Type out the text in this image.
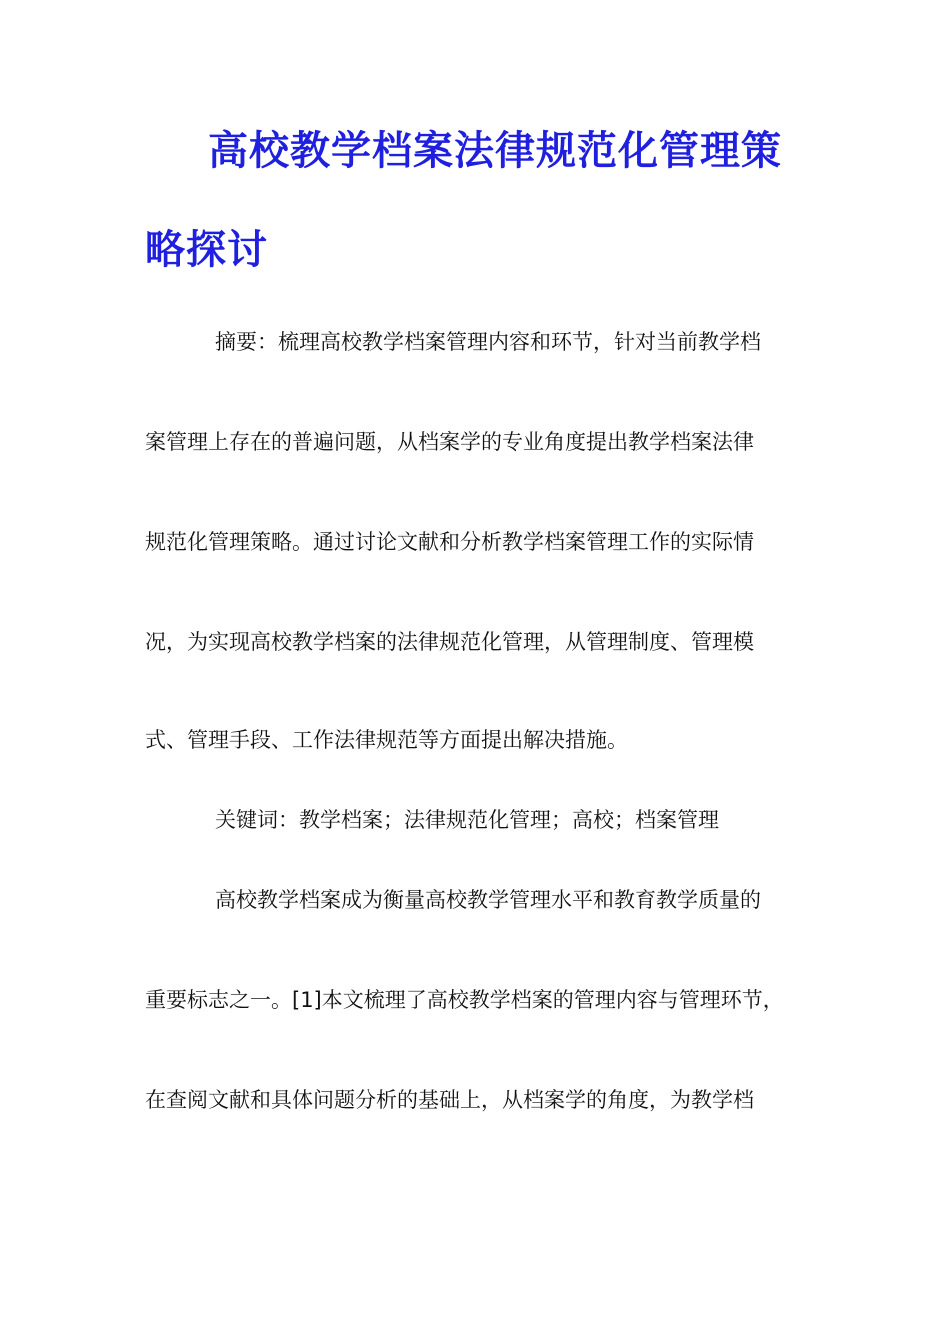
高校教学档案法律规范化管理策
略探讨
摘要：梳理高校教学档案管理内容和环节，针对当前教学档
案管理上存在的普遍问题，从档案学的专业角度提出教学档案法律
规范化管理策略。通过讨论文献和分析教学档案管理工作的实际情
况，为实现高校教学档案的法律规范化管理，从管理制度、管理模
式、管理手段、工作法律规范等方面提出解决措施。
关键词：教学档案；法律规范化管理；高校；档案管理
高校教学档案成为衡量高校教学管理水平和教育教学质量的
重要标志之一。[1]本文梳理了高校教学档案的管理内容与管理环节，
在查阅文献和具体问题分析的基础上，从档案学的角度，为教学档
